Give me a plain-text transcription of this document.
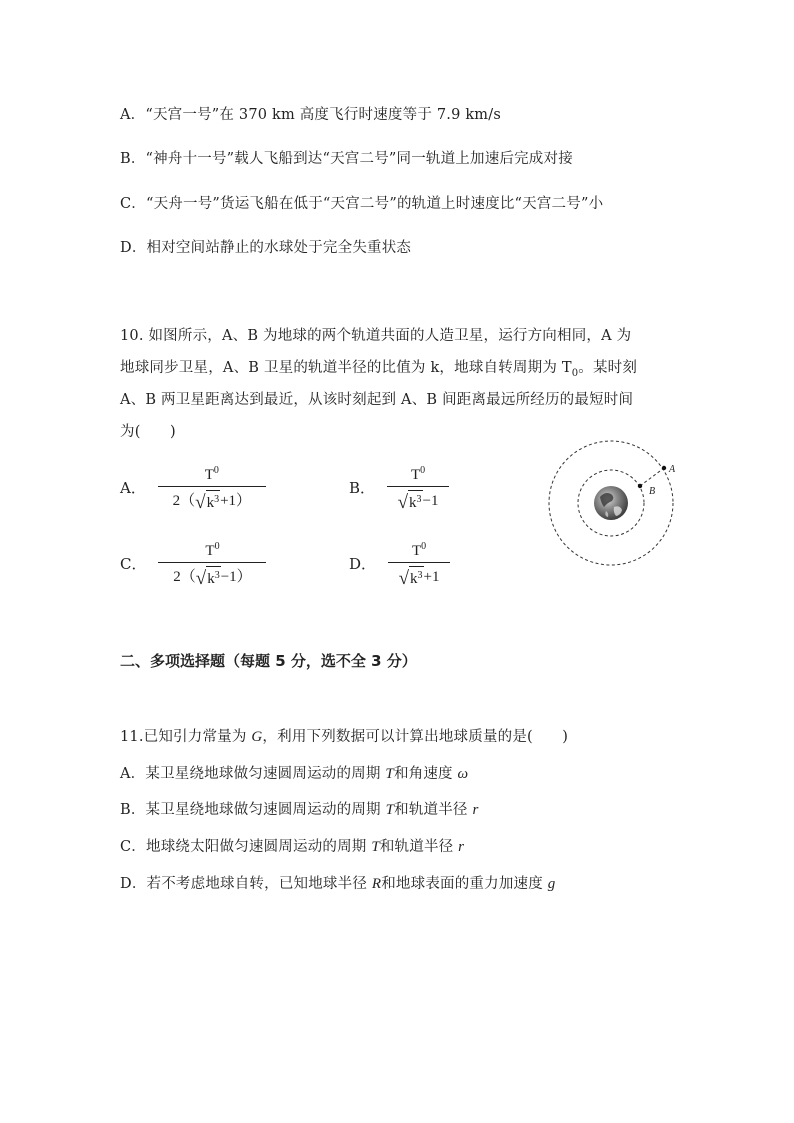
A．“天宫一号”在 370 km 高度飞行时速度等于 7.9 km/s
B．“神舟十一号”载人飞船到达“天宫二号”同一轨道上加速后完成对接
C．“天舟一号”货运飞船在低于“天宫二号”的轨道上时速度比“天宫二号”小
D．相对空间站静止的水球处于完全失重状态
10. 如图所示，A、B 为地球的两个轨道共面的人造卫星，运行方向相同，A 为
地球同步卫星，A、B 卫星的轨道半径的比值为 k，地球自转周期为 $T_0$。某时刻
A、B 两卫星距离达到最近，从该时刻起到 A、B 间距离最远所经历的最短时间
为(　　)
A． $\frac{T^0}{2( √ k^3 +1)}$	B． $\frac{T^0}{√ k^3 -1}$
C． $\frac{T^0}{2( √ k^3 -1)}$	D． $\frac{T^0}{√ k^3 +1}$
A
B
二、多项选择题（每题 5 分，选不全 3 分）
11.已知引力常量为 G，利用下列数据可以计算出地球质量的是(　　)
A．某卫星绕地球做匀速圆周运动的周期 T和角速度 ω
B．某卫星绕地球做匀速圆周运动的周期 T和轨道半径 r
C．地球绕太阳做匀速圆周运动的周期 T和轨道半径 r
D．若不考虑地球自转，已知地球半径 R和地球表面的重力加速度 g
